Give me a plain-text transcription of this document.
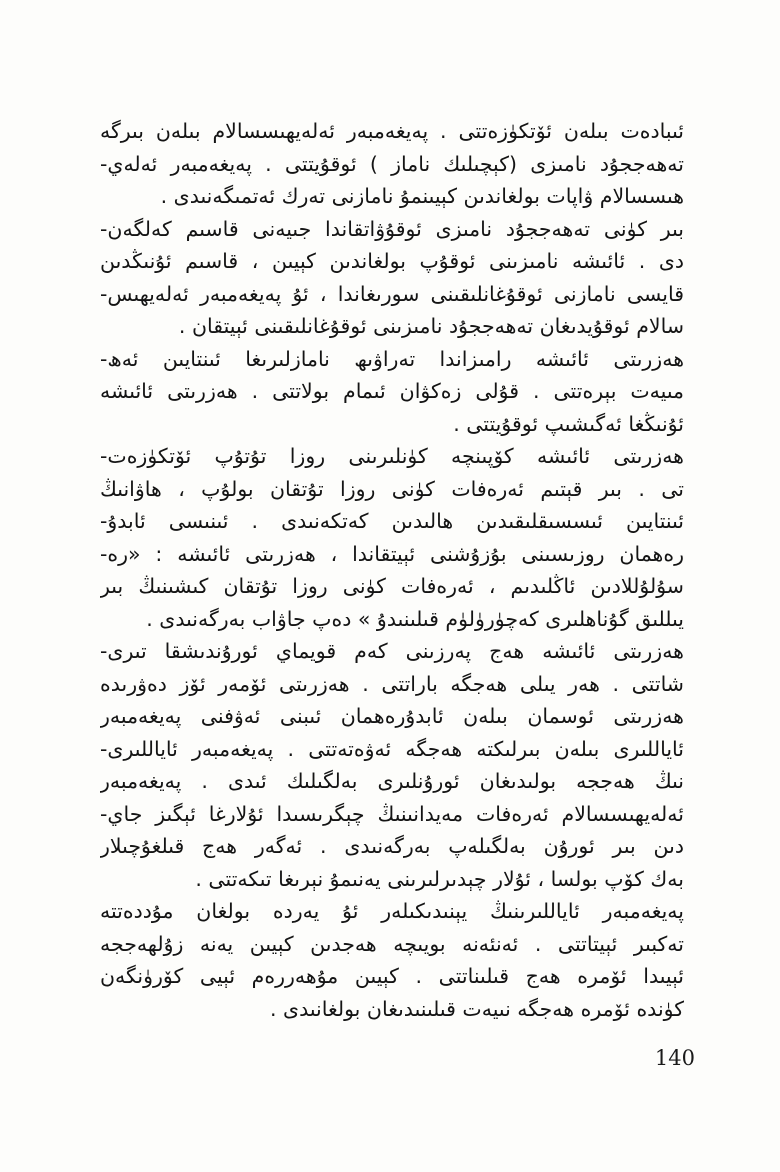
ئىبادەت بىلەن ئۆتكۈزەتتى . پەيغەمبەر ئەلەيھىسسالام بىلەن بىرگە
تەھەججۇد نامىزى (كېچىلىك ناماز ) ئوقۇيتتى . پەيغەمبەر ئەلەي-
ھىسسالام ۋاپات بولغاندىن كېيىنمۇ نامازنى تەرك ئەتمىگەنىدى .
بىر كۈنى تەھەججۇد نامىزى ئوقۇۋاتقاندا جىيەنى قاسىم كەلگەن-
دى . ئائىشە نامىزىنى ئوقۇپ بولغاندىن كېيىن ، قاسىم ئۇنىڭدىن
قايسى نامازنى ئوقۇغانلىقىنى سورىغاندا ، ئۇ پەيغەمبەر ئەلەيھىس-
سالام ئوقۇيدىغان تەھەججۇد نامىزىنى ئوقۇغانلىقىنى ئېيتقان .
ھەزرىتى ئائىشە رامىزاندا تەراۋىھ نامازلىرىغا ئىنتايىن ئەھ-
مىيەت بېرەتتى . قۇلى زەكۋان ئىمام بولاتتى . ھەزرىتى ئائىشە
ئۇنىڭغا ئەگىشىپ ئوقۇيتتى .
ھەزرىتى ئائىشە كۆپىنچە كۈنلىرىنى روزا تۇتۇپ ئۆتكۈزەت-
تى . بىر قېتىم ئەرەفات كۈنى روزا تۇتقان بولۇپ ، ھاۋانىڭ
ئىنتايىن ئىسسىقلىقىدىن ھالىدىن كەتكەنىدى . ئىنىسى ئابدۇ-
رەھمان روزىسىنى بۇزۇشنى ئېيتقاندا ، ھەزرىتى ئائىشە : «رە-
سۇلۇللادىن ئاڭلىدىم ، ئەرەفات كۈنى روزا تۇتقان كىشىنىڭ بىر
يىللىق گۇناھلىرى كەچۈرۈلۈم قىلىنىدۇ » دەپ جاۋاب بەرگەنىدى .
ھەزرىتى ئائىشە ھەج پەرزىنى كەم قويماي ئورۇندىشقا تىرى-
شاتتى . ھەر يىلى ھەجگە باراتتى . ھەزرىتى ئۆمەر ئۆز دەۋرىدە
ھەزرىتى ئوسمان بىلەن ئابدۇرەھمان ئىبنى ئەۋفنى پەيغەمبەر
ئاياللىرى بىلەن بىرلىكتە ھەجگە ئەۋەتەتتى . پەيغەمبەر ئاياللىرى-
نىڭ ھەججە بولىدىغان ئورۇنلىرى بەلگىلىك ئىدى . پەيغەمبەر
ئەلەيھىسسالام ئەرەفات مەيدانىنىڭ چېگرىسىدا ئۇلارغا ئېگىز جاي-
دىن بىر ئورۇن بەلگىلەپ بەرگەنىدى . ئەگەر ھەج قىلغۇچىلار
بەك كۆپ بولسا ، ئۇلار چېدىرلىرىنى يەنىمۇ نېرىغا تىكەتتى .
پەيغەمبەر ئاياللىرىنىڭ يېنىدىكىلەر ئۇ يەردە بولغان مۇددەتتە
تەكبىر ئېيتاتتى . ئەنئەنە بويىچە ھەجدىن كېيىن يەنە زۇلھەججە
ئېيىدا ئۆمرە ھەج قىلىناتتى . كېيىن مۇھەررەم ئېيى كۆرۈنگەن
كۈندە ئۆمرە ھەجگە نىيەت قىلىنىدىغان بولغانىدى .
140
